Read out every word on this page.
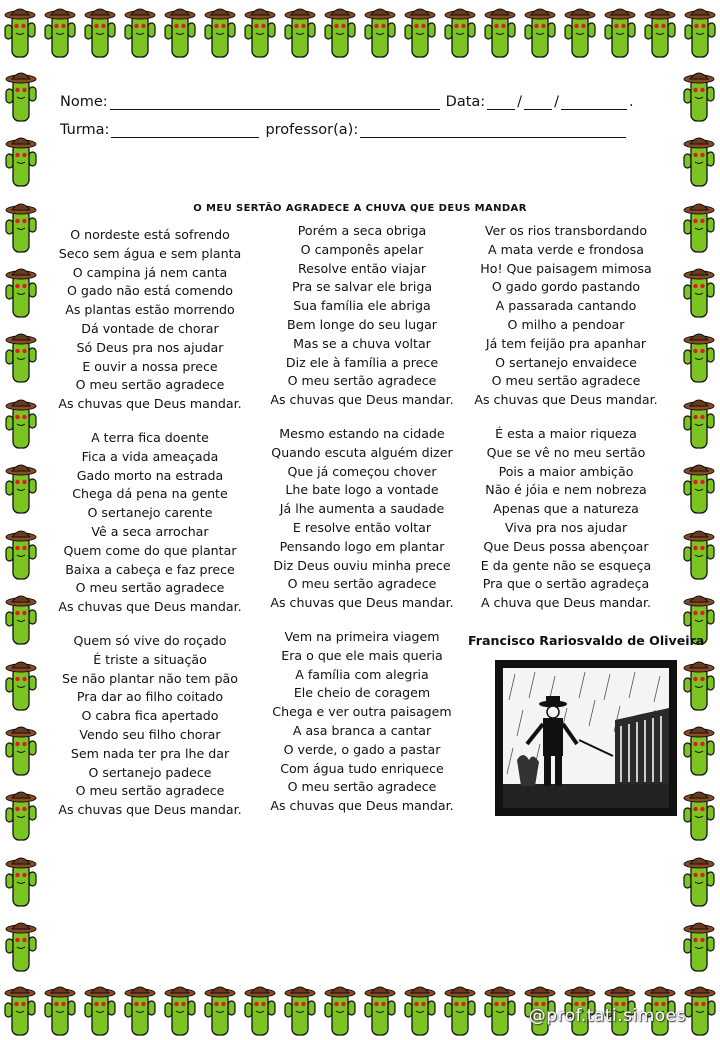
Nome:	Data: / /	.
Turma:	professor(a):
O MEU SERTÃO AGRADECE A CHUVA QUE DEUS MANDAR
O nordeste está sofrendo
Seco sem água e sem planta
O campina já nem canta
O gado não está comendo
As plantas estão morrendo
Dá vontade de chorar
Só Deus pra nos ajudar
E ouvir a nossa prece
O meu sertão agradece
As chuvas que Deus mandar.
A terra fica doente
Fica a vida ameaçada
Gado morto na estrada
Chega dá pena na gente
O sertanejo carente
Vê a seca arrochar
Quem come do que plantar
Baixa a cabeça e faz prece
O meu sertão agradece
As chuvas que Deus mandar.
Quem só vive do roçado
É triste a situação
Se não plantar não tem pão
Pra dar ao filho coitado
O cabra fica apertado
Vendo seu filho chorar
Sem nada ter pra lhe dar
O sertanejo padece
O meu sertão agradece
As chuvas que Deus mandar.
Porém a seca obriga
O camponês apelar
Resolve então viajar
Pra se salvar ele briga
Sua família ele abriga
Bem longe do seu lugar
Mas se a chuva voltar
Diz ele à família a prece
O meu sertão agradece
As chuvas que Deus mandar.
Mesmo estando na cidade
Quando escuta alguém dizer
Que já começou chover
Lhe bate logo a vontade
Já lhe aumenta a saudade
E resolve então voltar
Pensando logo em plantar
Diz Deus ouviu minha prece
O meu sertão agradece
As chuvas que Deus mandar.
Vem na primeira viagem
Era o que ele mais queria
A família com alegria
Ele cheio de coragem
Chega e ver outra paisagem
A asa branca a cantar
O verde, o gado a pastar
Com água tudo enriquece
O meu sertão agradece
As chuvas que Deus mandar.
Ver os rios transbordando
A mata verde e frondosa
Ho! Que paisagem mimosa
O gado gordo pastando
A passarada cantando
O milho a pendoar
Já tem feijão pra apanhar
O sertanejo envaidece
O meu sertão agradece
As chuvas que Deus mandar.
É esta a maior riqueza
Que se vê no meu sertão
Pois a maior ambição
Não é jóia e nem nobreza
Apenas que a natureza
Viva pra nos ajudar
Que Deus possa abençoar
E da gente não se esqueça
Pra que o sertão agradeça
A chuva que Deus mandar.
Francisco Rariosvaldo de Oliveira
@prof.tati.simoes
